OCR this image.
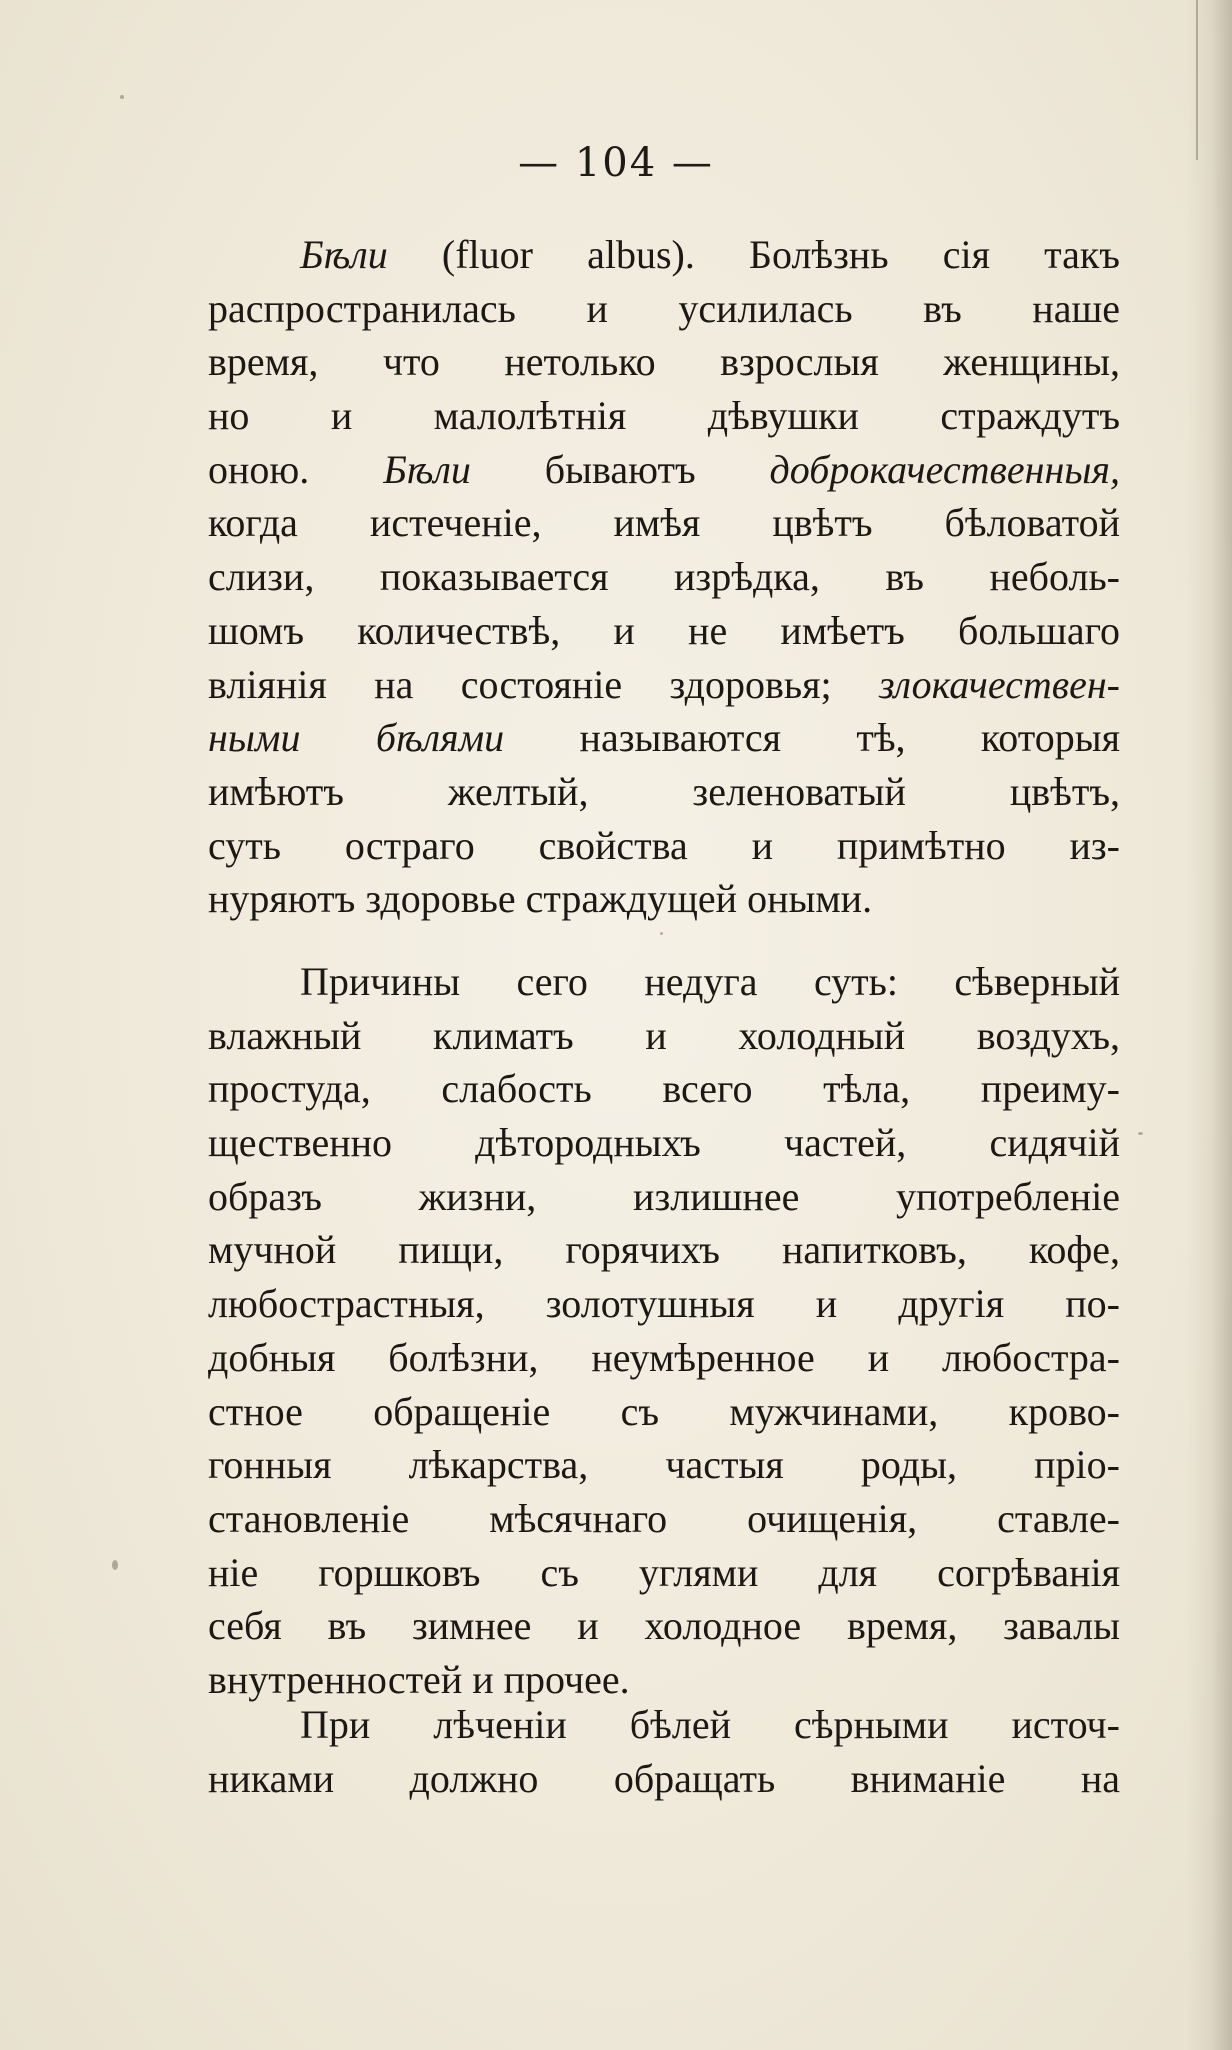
— 104 —
Бѣли (fluor albus). Болѣзнь сія такъ
распространилась и усилилась въ наше
время, что нетолько взрослыя женщины,
но и малолѣтнія дѣвушки страждутъ
оною. Бѣли бываютъ доброкачественныя,
когда истеченіе, имѣя цвѣтъ бѣловатой
слизи, показывается изрѣдка, въ неболь-
шомъ количествѣ, и не имѣетъ большаго
вліянія на состояніе здоровья; злокачествен-
ными бѣлями называются тѣ, которыя
имѣютъ желтый, зеленоватый цвѣтъ,
суть остраго свойства и примѣтно из-
нуряютъ здоровье страждущей оными.
Причины сего недуга суть: сѣверный
влажный климатъ и холодный воздухъ,
простуда, слабость всего тѣла, преиму-
щественно дѣтородныхъ частей, сидячій
образъ жизни, излишнее употребленіе
мучной пищи, горячихъ напитковъ, кофе,
любострастныя, золотушныя и другія по-
добныя болѣзни, неумѣренное и любостра-
стное обращеніе съ мужчинами, крово-
гонныя лѣкарства, частыя роды, пріо-
становленіе мѣсячнаго очищенія, ставле-
ніе горшковъ съ углями для согрѣванія
себя въ зимнее и холодное время, завалы
внутренностей и прочее.
При лѣченіи бѣлей сѣрными источ-
никами должно обращать вниманіе на
